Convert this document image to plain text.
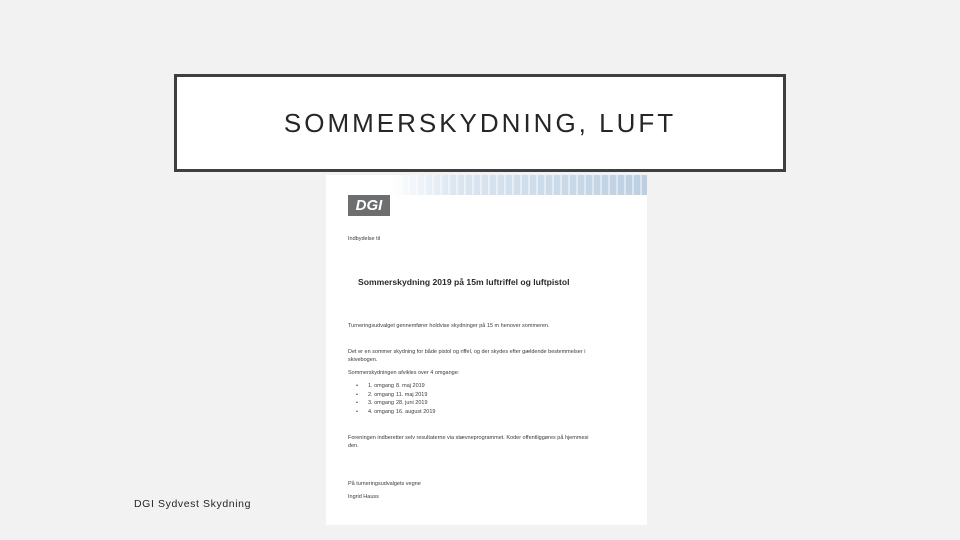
SOMMERSKYDNING, LUFT
DGI
Indbydelse til
Sommerskydning 2019 på 15m luftriffel og luftpistol
Turneringsudvalget gennemfører holdvise skydninger på 15 m henover sommeren.
Det er en sommer skydning for både pistol og riffel, og der skydes efter gældende bestemmelser i
skivebogen.
Sommerskydningen afvikles over 4 omgange:
• 1. omgang 8. maj 2019
• 2. omgang 11. maj 2019
• 3. omgang 28. juni 2019
• 4. omgang 16. august 2019
Foreningen indberetter selv resultaterne via stævneprogrammet. Koder offentliggøres på hjemmesi
den.
På turneringsudvalgets vegne
Ingrid Hauss
DGI Sydvest Skydning
